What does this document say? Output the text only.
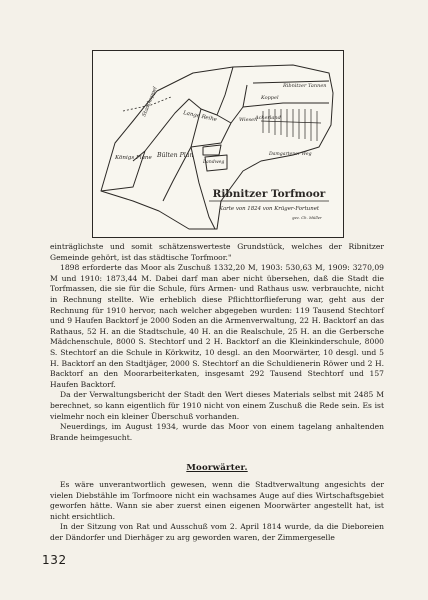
Lange Reihe
Stadtkoppel
Wiesen
Koppel
Ribnitzer Tannen
Ackerland
Königs Plane Bülten Plan
Landweg
Damgartener Weg
Ribnitzer Torfmoor
Karte von 1824 von Krüger-Fortunet
gez. Ch. Müller

einträglichste und somit schätzenswerteste Grundstück, welches der Ribnitzer Gemeinde gehört, ist das städtische Torfmoor."

1898 erforderte das Moor als Zuschuß 1332,20 M, 1903: 530,63 M, 1909: 3270,09 M und 1910: 1873,44 M. Dabei darf man aber nicht übersehen, daß die Stadt die Torfmassen, die sie für die Schule, fürs Armen- und Rathaus usw. verbrauchte, nicht in Rechnung stellte. Wie erheblich diese Pflichttorflieferung war, geht aus der Rechnung für 1910 hervor, nach welcher abgegeben wurden: 119 Tausend Stechtorf und 9 Haufen Backtorf je 2000 Soden an die Armenverwaltung, 22 H. Backtorf an das Rathaus, 52 H. an die Stadtschule, 40 H. an die Realschule, 25 H. an die Gerbersche Mädchenschule, 8000 S. Stechtorf und 2 H. Backtorf an die Kleinkinderschule, 8000 S. Stechtorf an die Schule in Körkwitz, 10 desgl. an den Moorwärter, 10 desgl. und 5 H. Backtorf an den Stadtjäger, 2000 S. Stechtorf an die Schuldienerin Röwer und 2 H. Backtorf an den Moorarbeiterkaten, insgesamt 292 Tausend Stechtorf und 157 Haufen Backtorf.

Da der Verwaltungsbericht der Stadt den Wert dieses Materials selbst mit 2485 M berechnet, so kann eigentlich für 1910 nicht von einem Zuschuß die Rede sein. Es ist vielmehr noch ein kleiner Überschuß vorhanden.

Neuerdings, im August 1934, wurde das Moor von einem tagelang anhaltenden Brande heimgesucht.

Moorwärter.

Es wäre unverantwortlich gewesen, wenn die Stadtverwaltung angesichts der vielen Diebstähle im Torfmoore nicht ein wachsames Auge auf dies Wirtschaftsgebiet geworfen hätte. Wann sie aber zuerst einen eigenen Moorwärter angestellt hat, ist nicht ersichtlich.

In der Sitzung von Rat und Ausschuß vom 2. April 1814 wurde, da die Dieboreien der Dändorfer und Dierhäger zu arg geworden waren, der Zimmergeselle

132
